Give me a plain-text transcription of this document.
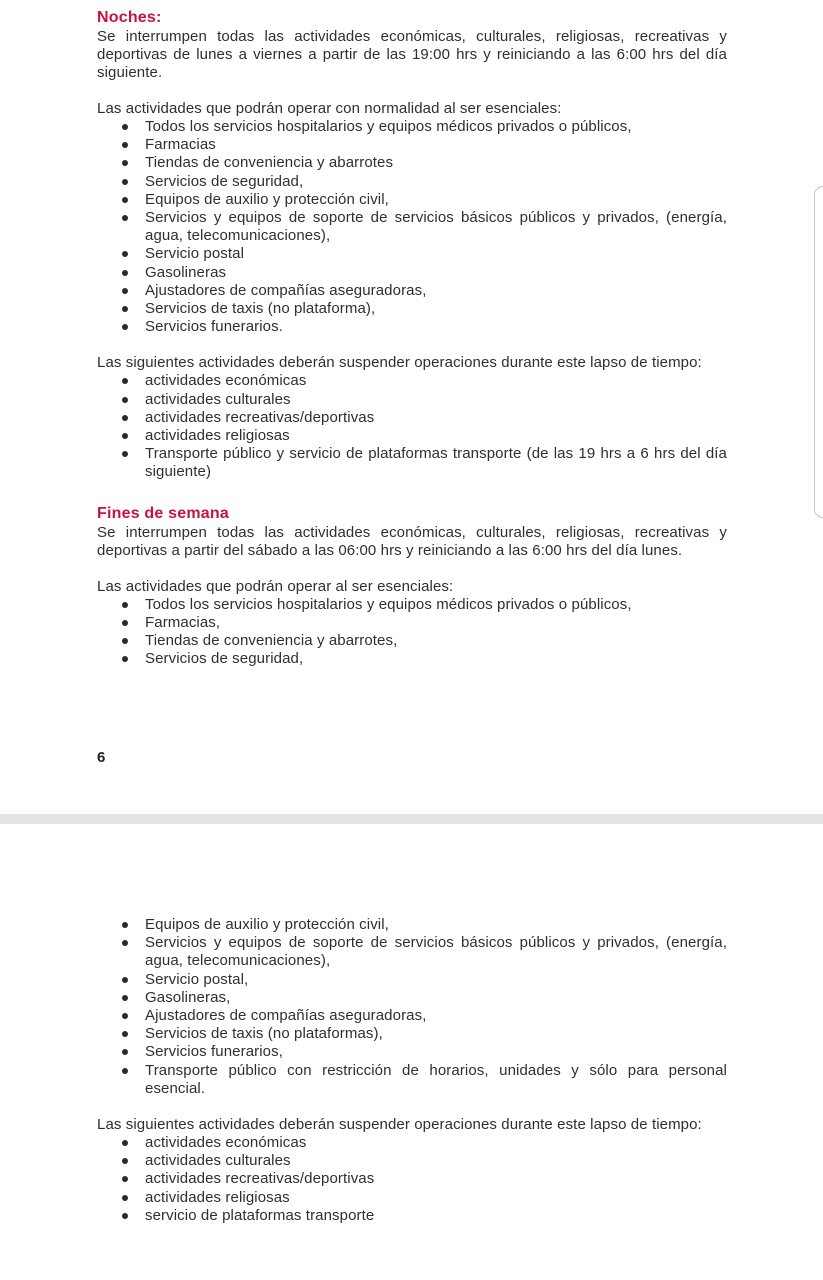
Noches:

Se interrumpen todas las actividades económicas, culturales, religiosas, recreativas y deportivas de lunes a viernes a partir de las 19:00 hrs y reiniciando a las 6:00 hrs del día siguiente.

Las actividades que podrán operar con normalidad al ser esenciales:

Todos los servicios hospitalarios y equipos médicos privados o públicos,
Farmacias
Tiendas de conveniencia y abarrotes
Servicios de seguridad,
Equipos de auxilio y protección civil,
Servicios y equipos de soporte de servicios básicos públicos y privados, (energía, agua, telecomunicaciones),
Servicio postal
Gasolineras
Ajustadores de compañías aseguradoras,
Servicios de taxis (no plataforma),
Servicios funerarios.

Las siguientes actividades deberán suspender operaciones durante este lapso de tiempo:

actividades económicas
actividades culturales
actividades recreativas/deportivas
actividades religiosas
Transporte público y servicio de plataformas transporte (de las 19 hrs a 6 hrs del día siguiente)
Fines de semana

Se interrumpen todas las actividades económicas, culturales, religiosas, recreativas y deportivas a partir del sábado a las 06:00 hrs y reiniciando a las 6:00 hrs del día lunes.

Las actividades que podrán operar al ser esenciales:

Todos los servicios hospitalarios y equipos médicos privados o públicos,
Farmacias,
Tiendas de conveniencia y abarrotes,
Servicios de seguridad,
6
Equipos de auxilio y protección civil,
Servicios y equipos de soporte de servicios básicos públicos y privados, (energía, agua, telecomunicaciones),
Servicio postal,
Gasolineras,
Ajustadores de compañías aseguradoras,
Servicios de taxis (no plataformas),
Servicios funerarios,
Transporte público con restricción de horarios, unidades y sólo para personal esencial.

Las siguientes actividades deberán suspender operaciones durante este lapso de tiempo:

actividades económicas
actividades culturales
actividades recreativas/deportivas
actividades religiosas
servicio de plataformas transporte
